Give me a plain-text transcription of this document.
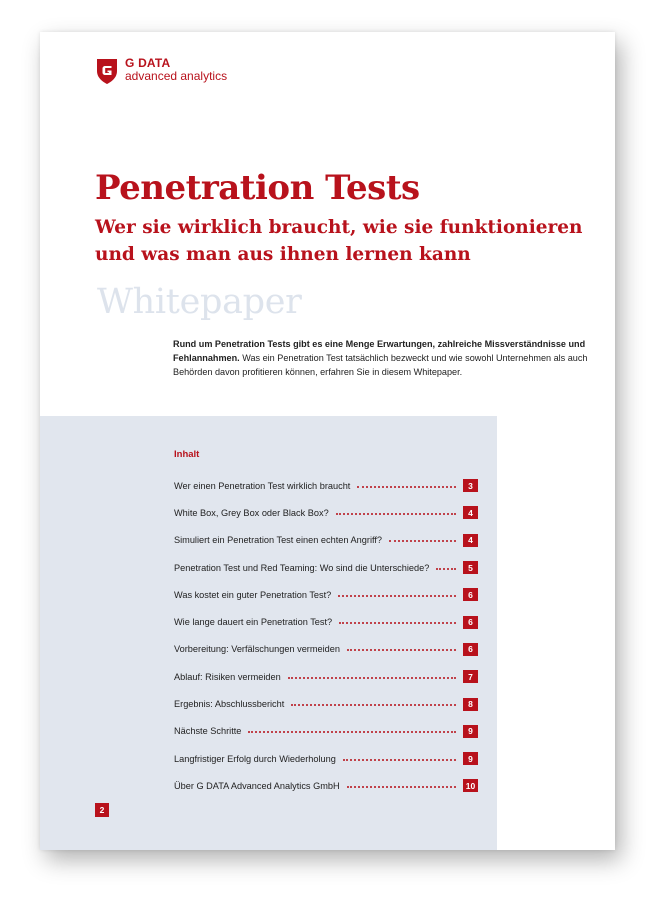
G DATA
advanced analytics
Penetration Tests
Wer sie wirklich braucht, wie sie funktionieren
und was man aus ihnen lernen kann
Whitepaper

Rund um Penetration Tests gibt es eine Menge Erwartungen, zahlreiche Missverständnisse und Fehlannahmen. Was ein Penetration Test tatsächlich bezweckt und wie sowohl Unternehmen als auch Behörden davon profitieren können, erfahren Sie in diesem Whitepaper.

Inhalt
Wer einen Penetration Test wirklich braucht	3
White Box, Grey Box oder Black Box?	4
Simuliert ein Penetration Test einen echten Angriff?	4
Penetration Test und Red Teaming: Wo sind die Unterschiede?	5
Was kostet ein guter Penetration Test?	6
Wie lange dauert ein Penetration Test?	6
Vorbereitung: Verfälschungen vermeiden	6
Ablauf: Risiken vermeiden	7
Ergebnis: Abschlussbericht	8
Nächste Schritte	9
Langfristiger Erfolg durch Wiederholung	9
Über G DATA Advanced Analytics GmbH	10
2
